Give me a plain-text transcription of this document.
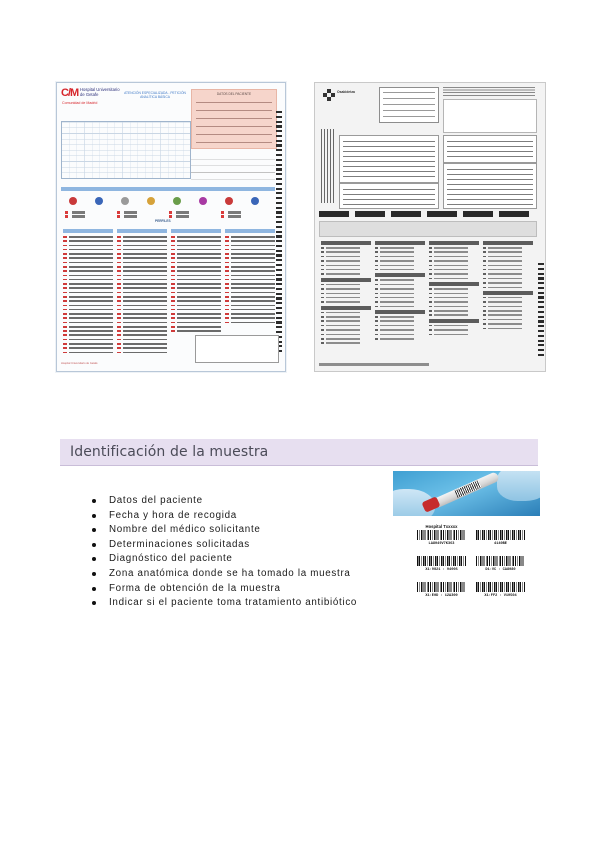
C/M Hospital Universitario de Getafe
Comunidad de Madrid
ATENCIÓN ESPECIALIZADA - PETICIÓN ANALÍTICA BÁSICA
DATOS DEL PACIENTE
PERFILES
Hospital Universitario de Getafe
Osakidetza
Identificación de la muestra
Datos del paciente
Fecha y hora de recogida
Nombre del médico solicitante
Determinaciones solicitadas
Diagnóstico del paciente
Zona anatómica donde se ha tomado la muestra
Forma de obtención de la muestra
Indicar si el paciente toma tratamiento antibiótico
Hospital Txxxxx
LA8049V7K363	4140BE
X1:9G21 : 9400S	D1:VC : CA8080
X1:E0D : 12A300	X1:FF2 : V10504
